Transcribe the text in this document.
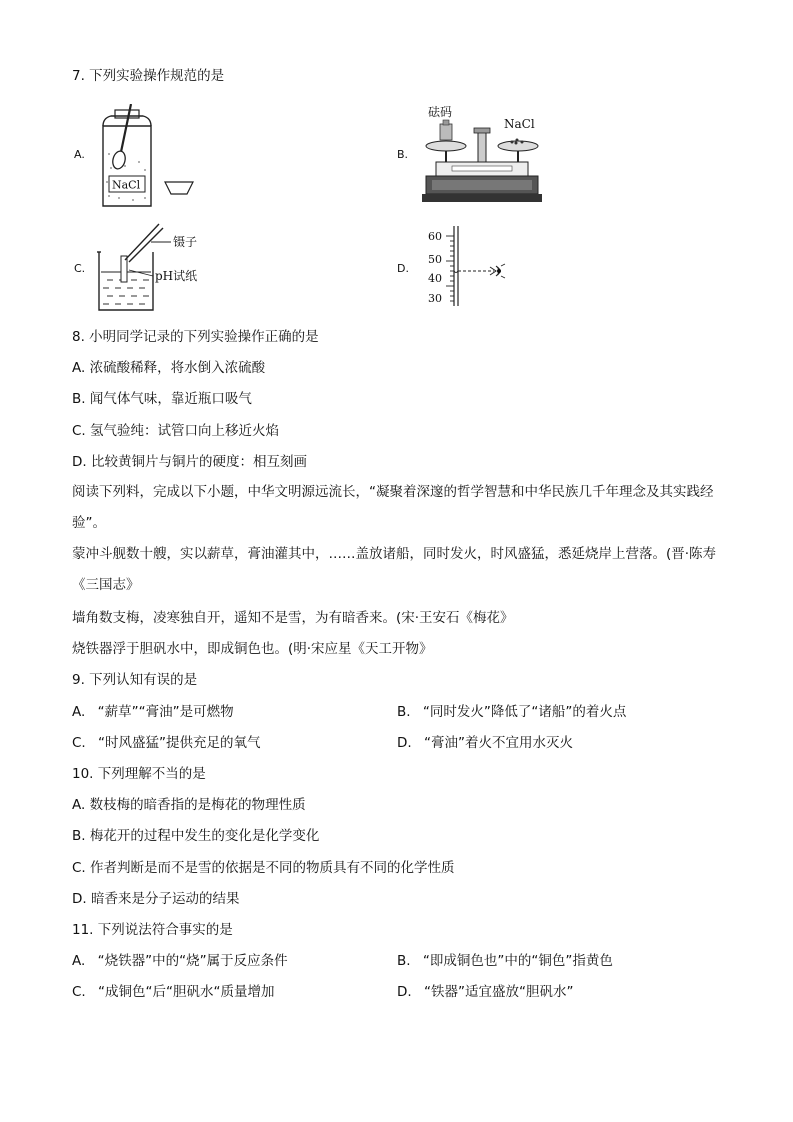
7. 下列实验操作规范的是
A.
NaCl
B.
砝码
NaCl
C.
镊子
pH试纸
D.
60
50
40
30
8. 小明同学记录的下列实验操作正确的是
A. 浓硫酸稀释，将水倒入浓硫酸
B. 闻气体气味，靠近瓶口吸气
C. 氢气验纯：试管口向上移近火焰
D. 比较黄铜片与铜片的硬度：相互刻画
阅读下列料，完成以下小题，中华文明源远流长，“凝聚着深邃的哲学智慧和中华民族几千年理念及其实践经验”。
蒙冲斗舰数十艘，实以薪草，膏油灌其中，……盖放诸船，同时发火，时风盛猛，悉延烧岸上营落。(晋·陈寿《三国志》
墙角数支梅，凌寒独自开，遥知不是雪，为有暗香来。(宋·王安石《梅花》
烧铁器浮于胆矾水中，即成铜色也。(明·宋应星《天工开物》
9. 下列认知有误的是
A. “薪草”“膏油”是可燃物	B. “同时发火”降低了“诸船”的着火点
C. “时风盛猛”提供充足的氧气	D. “膏油”着火不宜用水灭火
10. 下列理解不当的是
A. 数枝梅的暗香指的是梅花的物理性质
B. 梅花开的过程中发生的变化是化学变化
C. 作者判断是而不是雪的依据是不同的物质具有不同的化学性质
D. 暗香来是分子运动的结果
11. 下列说法符合事实的是
A. “烧铁器”中的“烧”属于反应条件	B. “即成铜色也”中的“铜色”指黄色
C. “成铜色“后“胆矾水“质量增加	D. “铁器”适宜盛放“胆矾水”
